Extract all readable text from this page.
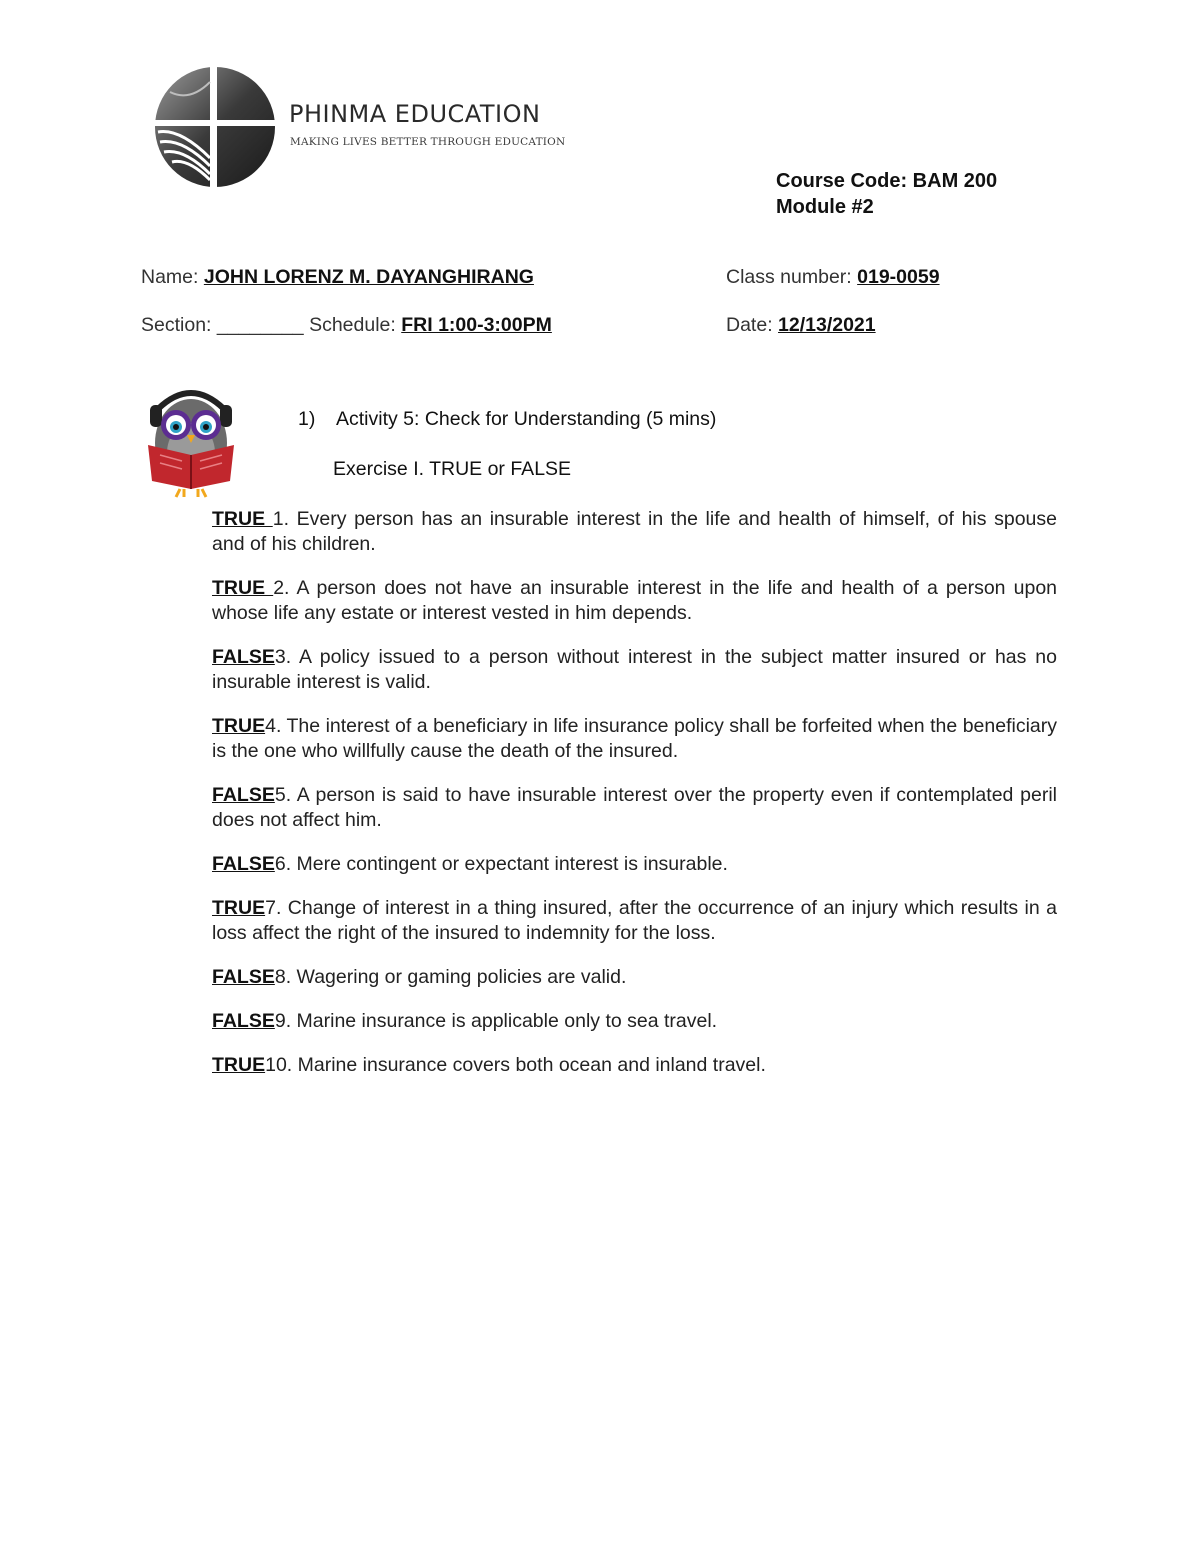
PHINMA EDUCATION
MAKING LIVES BETTER THROUGH EDUCATION
Course Code: BAM 200
Module #2
Name: JOHN LORENZ M. DAYANGHIRANG	Class number: 019-0059
Section: ________ Schedule: FRI 1:00-3:00PM	Date: 12/13/2021
1) Activity 5: Check for Understanding (5 mins)
Exercise I. TRUE or FALSE
TRUE 1. Every person has an insurable interest in the life and health of himself, of his spouse and of his children.
TRUE 2. A person does not have an insurable interest in the life and health of a person upon whose life any estate or interest vested in him depends.
FALSE3. A policy issued to a person without interest in the subject matter insured or has no insurable interest is valid.
TRUE4. The interest of a beneficiary in life insurance policy shall be forfeited when the beneficiary is the one who willfully cause the death of the insured.
FALSE5. A person is said to have insurable interest over the property even if contemplated peril does not affect him.
FALSE6. Mere contingent or expectant interest is insurable.
TRUE7. Change of interest in a thing insured, after the occurrence of an injury which results in a loss affect the right of the insured to indemnity for the loss.
FALSE8. Wagering or gaming policies are valid.
FALSE9. Marine insurance is applicable only to sea travel.
TRUE10. Marine insurance covers both ocean and inland travel.
